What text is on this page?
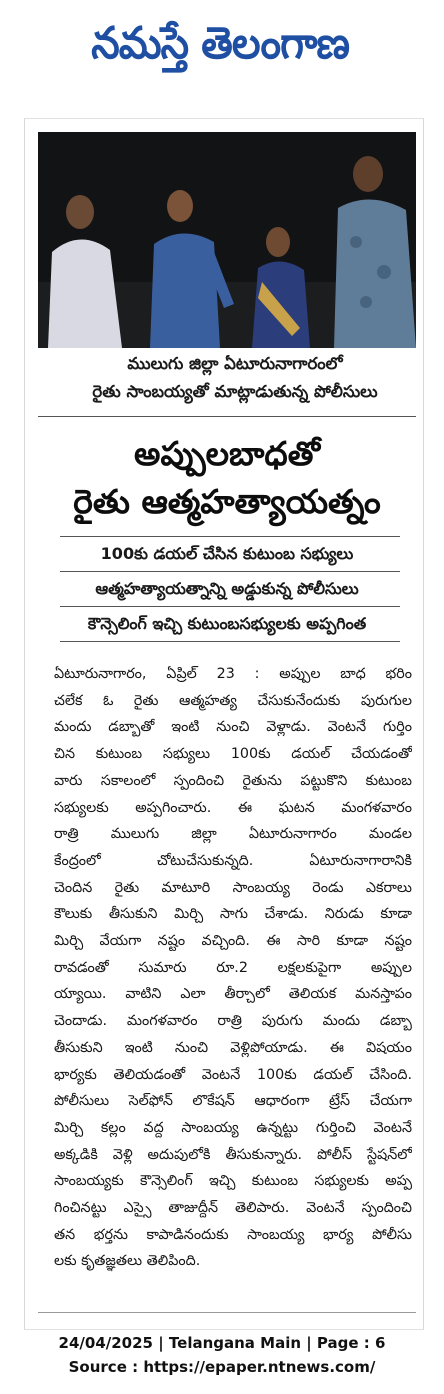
నమస్తే తెలంగాణ
ములుగు జిల్లా ఏటూరునాగారంలో
రైతు సాంబయ్యతో మాట్లాడుతున్న పోలీసులు
అప్పులబాధతో
రైతు ఆత్మహత్యాయత్నం
100కు డయల్ చేసిన కుటుంబ సభ్యులు
ఆత్మహత్యాయత్నాన్ని అడ్డుకున్న పోలీసులు
కౌన్సెలింగ్ ఇచ్చి కుటుంబసభ్యులకు అప్పగింత
ఏటూరునాగారం, ఏప్రిల్ 23 : అప్పుల బాధ భరిం
చలేక ఓ రైతు ఆత్మహత్య చేసుకునేందుకు పురుగుల
మందు డబ్బాతో ఇంటి నుంచి వెళ్లాడు. వెంటనే గుర్తిం
చిన కుటుంబ సభ్యులు 100కు డయల్ చేయడంతో
వారు సకాలంలో స్పందించి రైతును పట్టుకొని కుటుంబ
సభ్యులకు అప్పగించారు. ఈ ఘటన మంగళవారం
రాత్రి ములుగు జిల్లా ఏటూరునాగారం మండల
కేంద్రంలో చోటుచేసుకున్నది. ఏటూరునాగారానికి
చెందిన రైతు మాటూరి సాంబయ్య రెండు ఎకరాలు
కౌలుకు తీసుకుని మిర్చి సాగు చేశాడు. నిరుడు కూడా
మిర్చి వేయగా నష్టం వచ్చింది. ఈ సారి కూడా నష్టం
రావడంతో సుమారు రూ.2 లక్షలకుపైగా అప్పుల
య్యాయి. వాటిని ఎలా తీర్చాలో తెలియక మనస్తాపం
చెందాడు. మంగళవారం రాత్రి పురుగు మందు డబ్బా
తీసుకుని ఇంటి నుంచి వెళ్లిపోయాడు. ఈ విషయం
భార్యకు తెలియడంతో వెంటనే 100కు డయల్ చేసింది.
పోలీసులు సెల్‌ఫోన్ లొకేషన్ ఆధారంగా ట్రేస్ చేయగా
మిర్చి కల్లం వద్ద సాంబయ్య ఉన్నట్టు గుర్తించి వెంటనే
అక్కడికి వెళ్లి అదుపులోకి తీసుకున్నారు. పోలీస్ స్టేషన్‌లో
సాంబయ్యకు కౌన్సెలింగ్ ఇచ్చి కుటుంబ సభ్యులకు అప్ప
గించినట్టు ఎస్సై తాజుద్దీన్ తెలిపారు. వెంటనే స్పందించి
తన భర్తను కాపాడినందుకు సాంబయ్య భార్య పోలీసు
లకు కృతజ్ఞతలు తెలిపింది.
24/04/2025 | Telangana Main | Page : 6
Source : https://epaper.ntnews.com/
